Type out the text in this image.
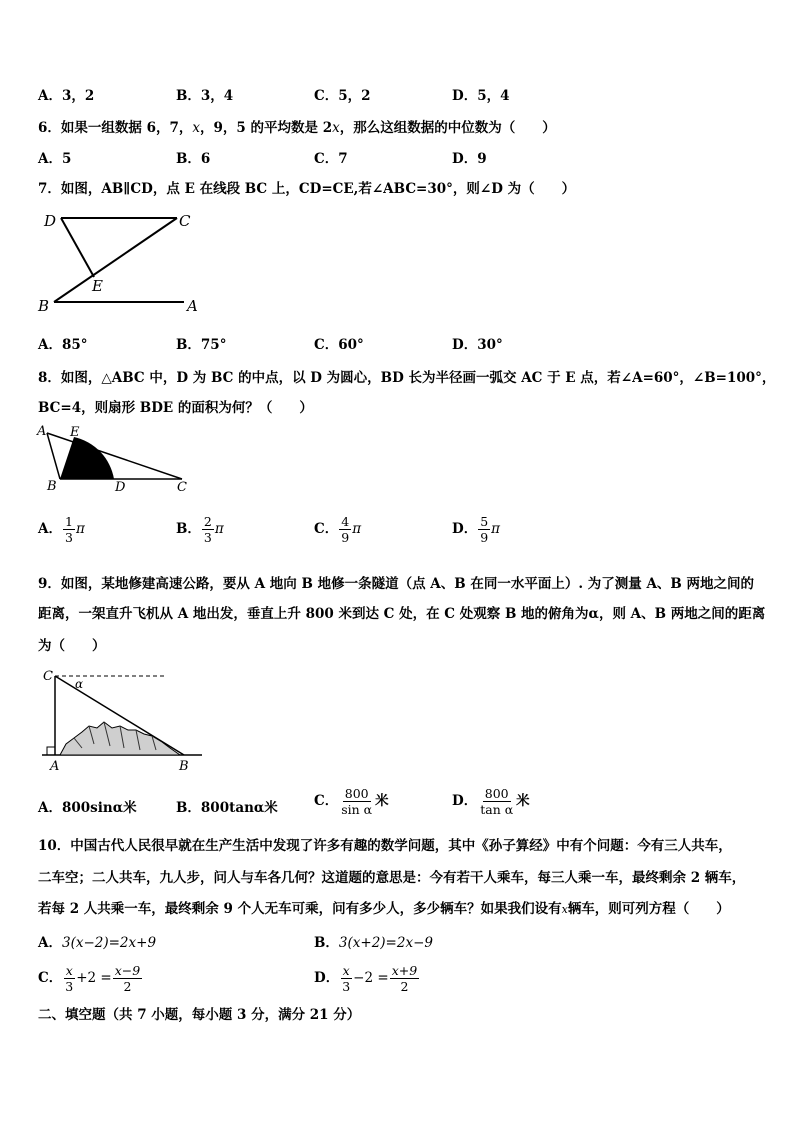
A．3，2	B．3，4	C．5，2	D．5，4
6．如果一组数据 6，7，x，9，5 的平均数是 2x，那么这组数据的中位数为（　　）
A．5	B．6	C．7	D．9
7．如图，AB∥CD，点 E 在线段 BC 上，CD=CE,若∠ABC=30°，则∠D 为（　　）
D	C
E
B	A
A．85°	B．75°	C．60°	D．30°
8．如图，△ABC 中，D 为 BC 的中点，以 D 为圆心，BD 长为半径画一弧交 AC 于 E 点，若∠A=60°，∠B=100°，
BC=4，则扇形 BDE 的面积为何？（　　）
A E
B	D	C
A． $\frac{1}{3}$ π	B． $\frac{2}{3}$ π	C． $\frac{4}{9}$ π	D． $\frac{5}{9}$ π
9．如图，某地修建高速公路，要从 A 地向 B 地修一条隧道（点 A、B 在同一水平面上）. 为了测量 A、B 两地之间的
距离，一架直升飞机从 A 地出发，垂直上升 800 米到达 C 处，在 C 处观察 B 地的俯角为α，则 A、B 两地之间的距离
为（　　）
C α
A	B
A．800sinα米	B．800tanα米	C． $\frac{800}{\text{sin α}}$ 米	D． $\frac{800}{\text{tan α}}$ 米
10．中国古代人民很早就在生产生活中发现了许多有趣的数学问题，其中《孙子算经》中有个问题：今有三人共车，
二车空；二人共车，九人步，问人与车各几何？这道题的意思是：今有若干人乘车，每三人乘一车，最终剩余 2 辆车，
若每 2 人共乘一车，最终剩余 9 个人无车可乘，问有多少人，多少辆车？如果我们设有x辆车，则可列方程（　　）
A．3(x−2)=2x+9	B．3(x+2)=2x−9
C． $\frac{x}{3} +2 = \frac{x-9}{2}$	D． $\frac{x}{3} -2 = \frac{x+9}{2}$
二、填空题（共 7 小题，每小题 3 分，满分 21 分）
